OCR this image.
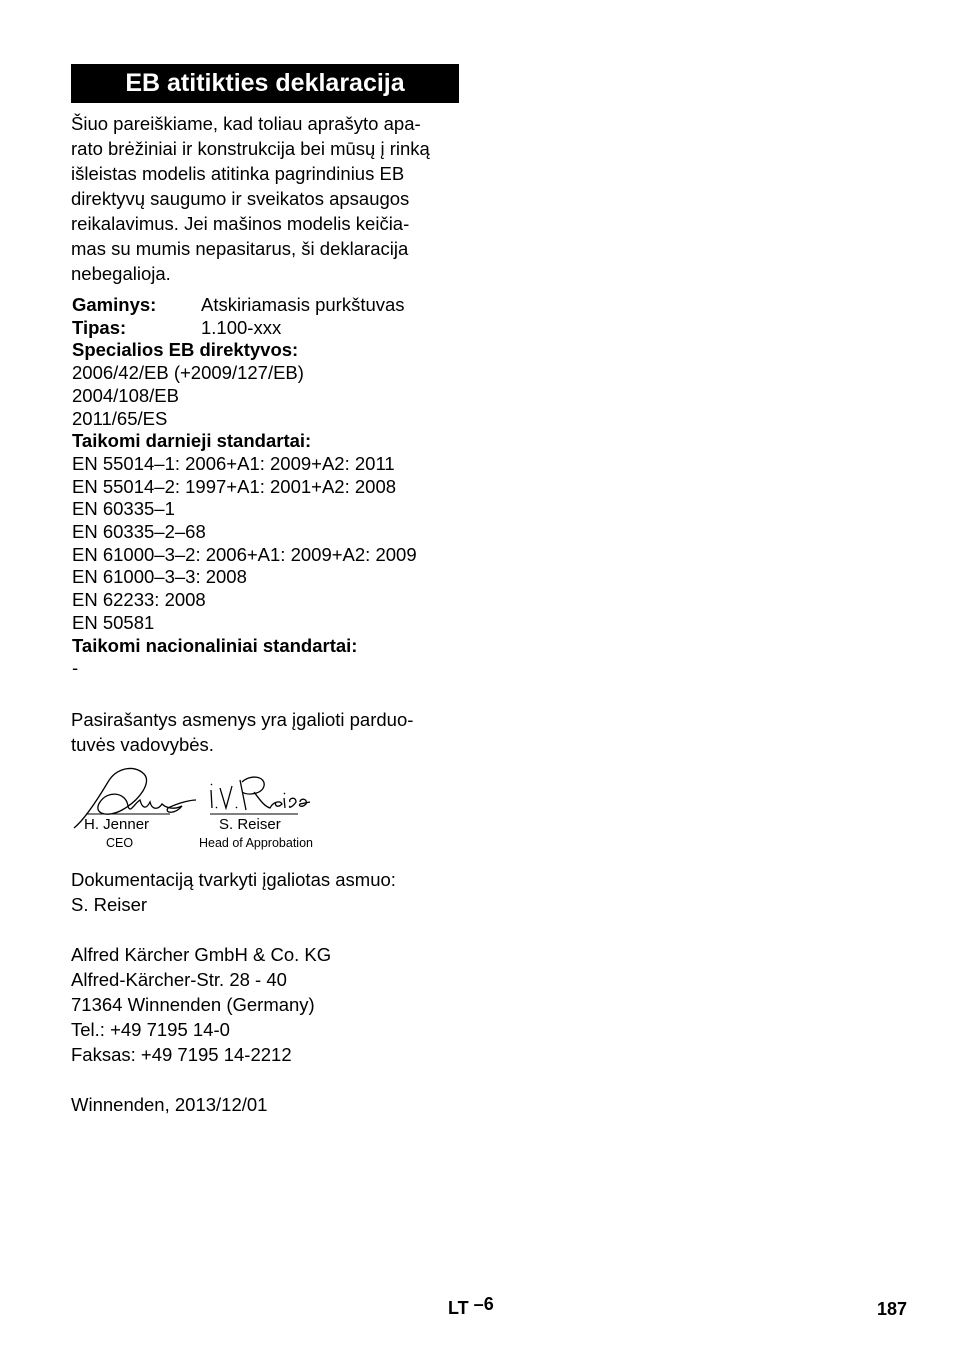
EB atitikties deklaracija
Šiuo pareiškiame, kad toliau aprašyto apa-
rato brėžiniai ir konstrukcija bei mūsų į rinką
išleistas modelis atitinka pagrindinius EB
direktyvų saugumo ir sveikatos apsaugos
reikalavimus. Jei mašinos modelis keičia-
mas su mumis nepasitarus, ši deklaracija
nebegalioja.
Gaminys: Atskiriamasis purkštuvas
Tipas:	1.100-xxx
Specialios EB direktyvos:
2006/42/EB (+2009/127/EB)
2004/108/EB
2011/65/ES
Taikomi darnieji standartai:
EN 55014–1: 2006+A1: 2009+A2: 2011
EN 55014–2: 1997+A1: 2001+A2: 2008
EN 60335–1
EN 60335–2–68
EN 61000–3–2: 2006+A1: 2009+A2: 2009
EN 61000–3–3: 2008
EN 62233: 2008
EN 50581
Taikomi nacionaliniai standartai:
-
Pasirašantys asmenys yra įgalioti parduo-
tuvės vadovybės.
H. Jenner
CEO
S. Reiser
Head of Approbation
Dokumentaciją tvarkyti įgaliotas asmuo:
S. Reiser
Alfred Kärcher GmbH & Co. KG
Alfred-Kärcher-Str. 28 - 40
71364 Winnenden (Germany)
Tel.: +49 7195 14-0
Faksas: +49 7195 14-2212
Winnenden, 2013/12/01
LT –6	187
